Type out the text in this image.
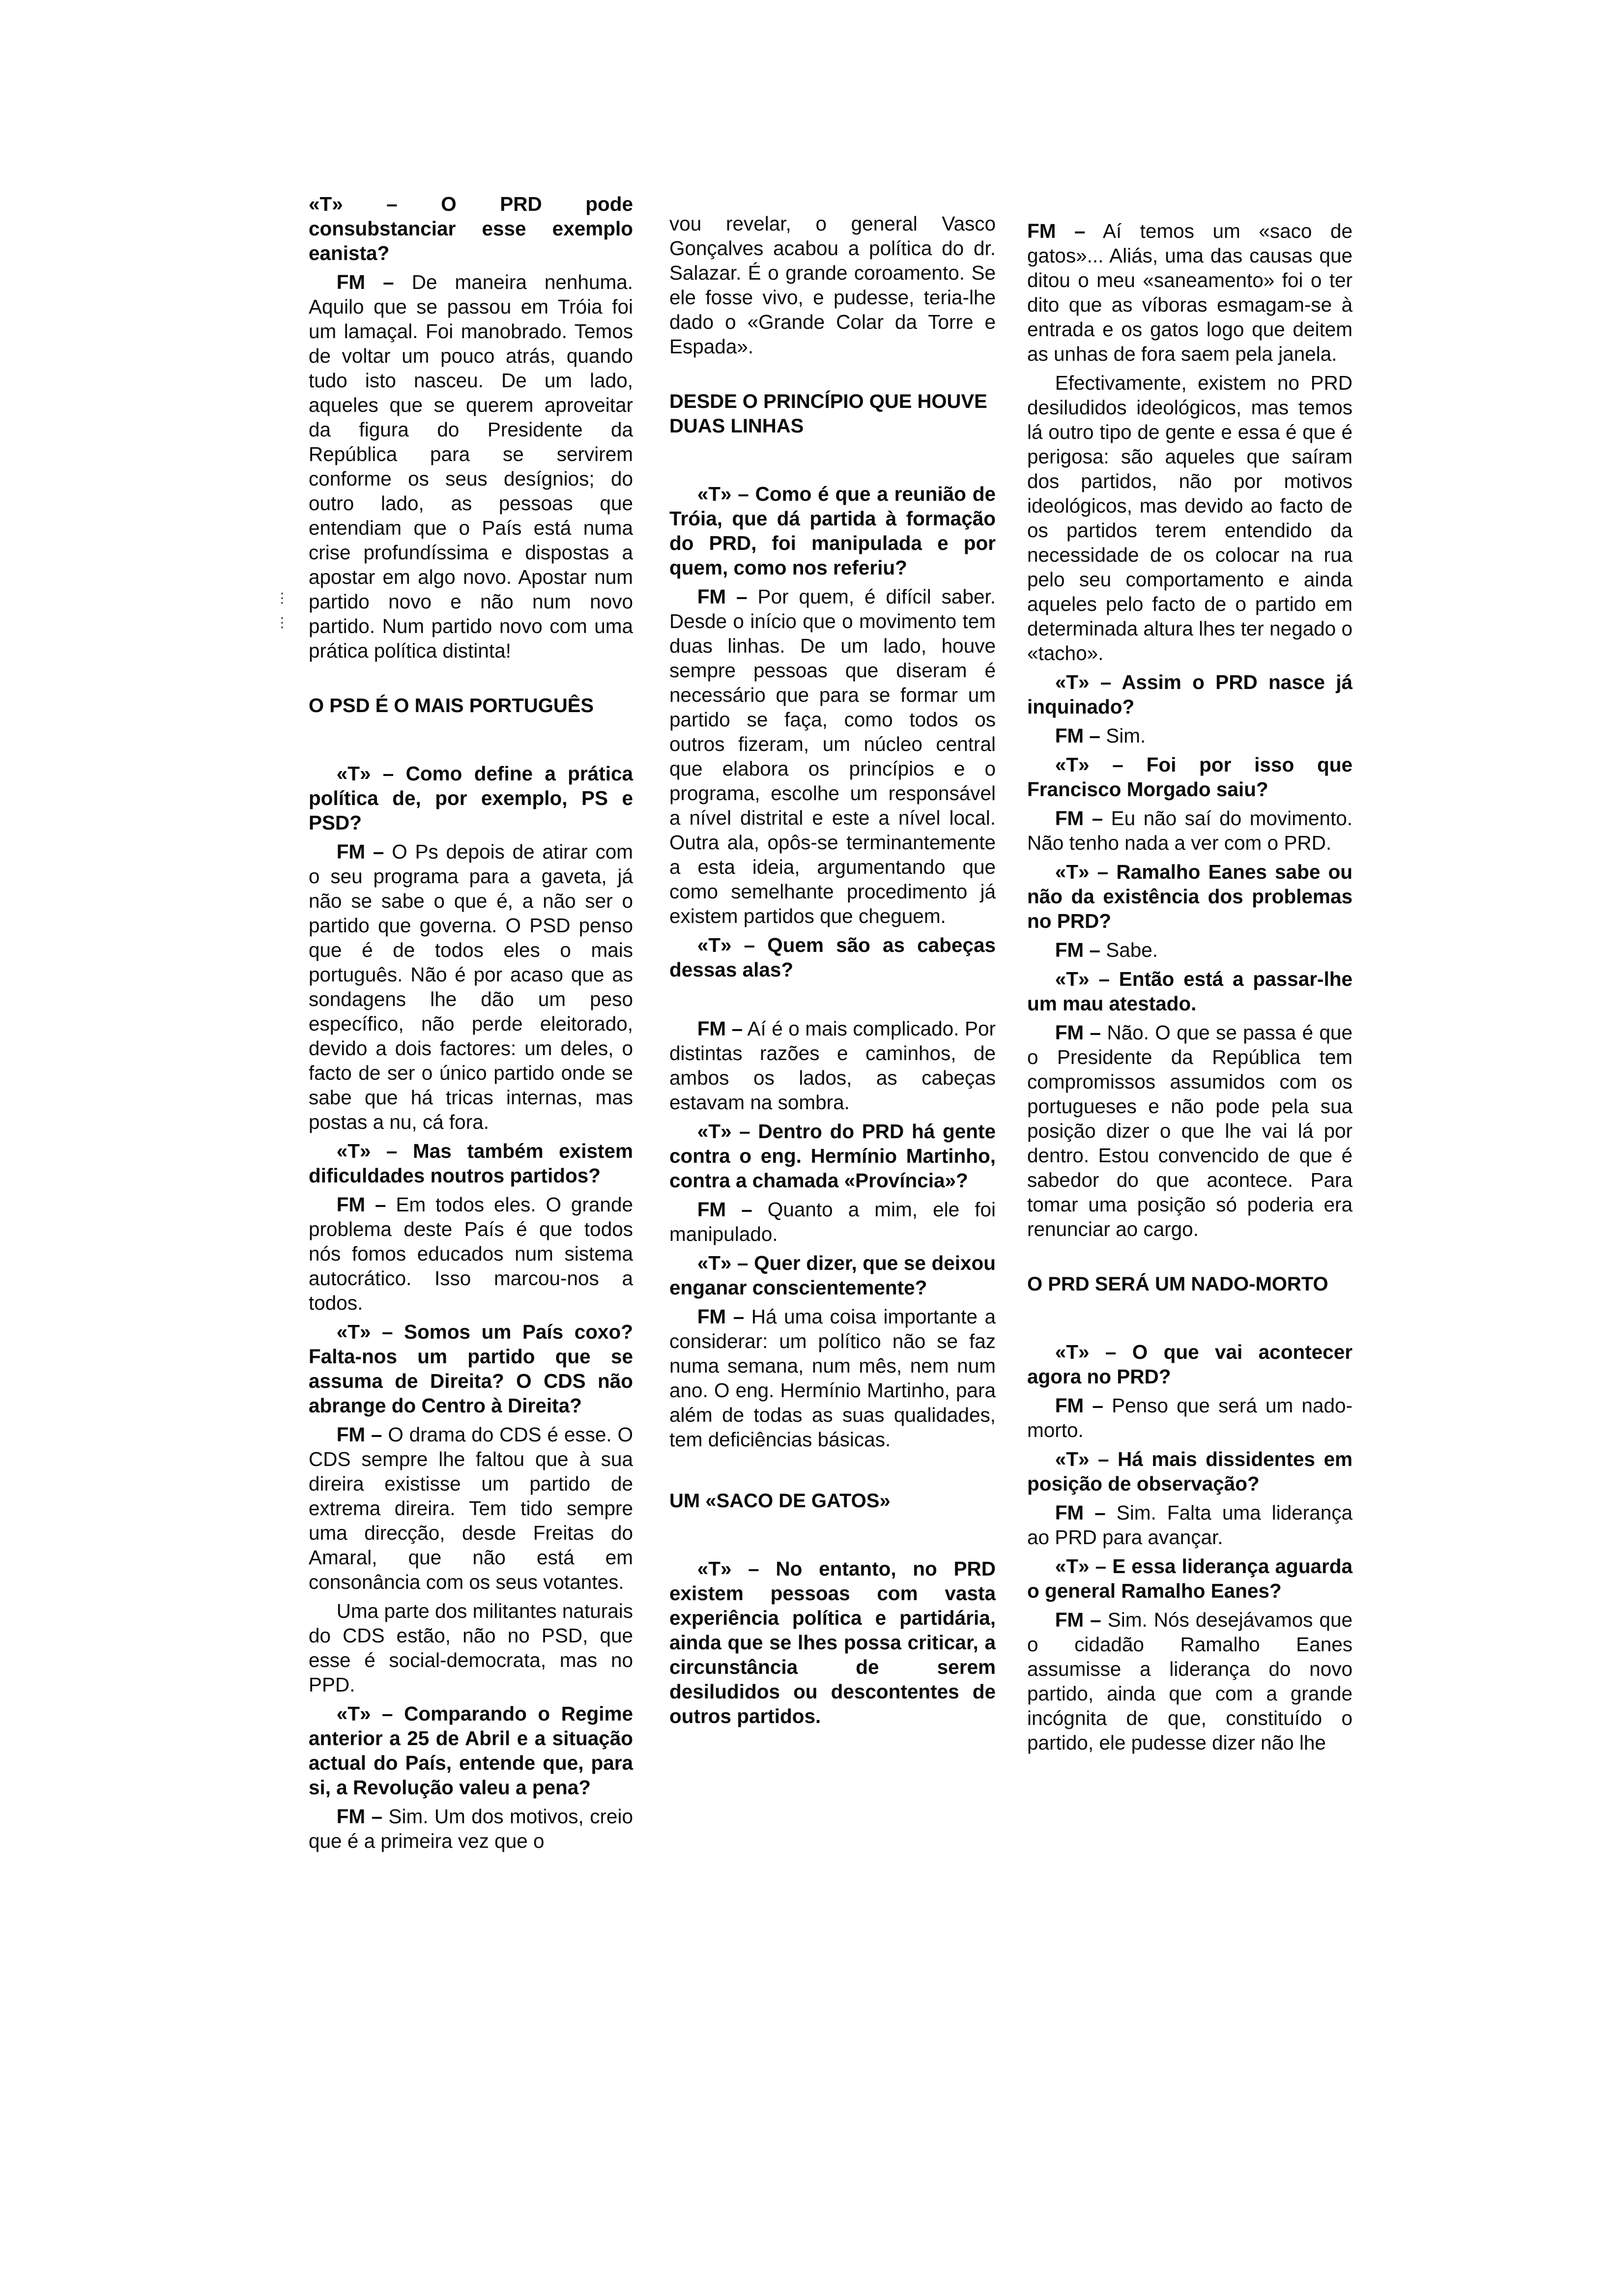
«T» – O PRD pode consubstanciar esse exemplo eanista?

FM – De maneira nenhuma. Aquilo que se passou em Tróia foi um lamaçal. Foi manobrado. Temos de voltar um pouco atrás, quando tudo isto nasceu. De um lado, aqueles que se querem aproveitar da figura do Presidente da República para se servirem conforme os seus desígnios; do outro lado, as pessoas que entendiam que o País está numa crise profundíssima e dispostas a apostar em algo novo. Apostar num partido novo e não num novo partido. Num partido novo com uma prática política distinta!

O PSD É O MAIS PORTUGUÊS

«T» – Como define a prática política de, por exemplo, PS e PSD?

FM – O Ps depois de atirar com o seu programa para a gaveta, já não se sabe o que é, a não ser o partido que governa. O PSD penso que é de todos eles o mais português. Não é por acaso que as sondagens lhe dão um peso específico, não perde eleitorado, devido a dois factores: um deles, o facto de ser o único partido onde se sabe que há tricas internas, mas postas a nu, cá fora.

«T» – Mas também existem dificuldades noutros partidos?

FM – Em todos eles. O grande problema deste País é que todos nós fomos educados num sistema autocrático. Isso marcou-nos a todos.

«T» – Somos um País coxo? Falta-nos um partido que se assuma de Direita? O CDS não abrange do Centro à Direita?

FM – O drama do CDS é esse. O CDS sempre lhe faltou que à sua direira existisse um partido de extrema direira. Tem tido sempre uma direcção, desde Freitas do Amaral, que não está em consonância com os seus votantes.

Uma parte dos militantes naturais do CDS estão, não no PSD, que esse é social-democrata, mas no PPD.

«T» – Comparando o Regime anterior a 25 de Abril e a situação actual do País, entende que, para si, a Revolução valeu a pena?

FM – Sim. Um dos motivos, creio que é a primeira vez que o

vou revelar, o general Vasco Gonçalves acabou a política do dr. Salazar. É o grande coroamento. Se ele fosse vivo, e pudesse, teria-lhe dado o «Grande Colar da Torre e Espada».

DESDE O PRINCÍPIO QUE HOUVE DUAS LINHAS

«T» – Como é que a reunião de Tróia, que dá partida à formação do PRD, foi manipulada e por quem, como nos referiu?

FM – Por quem, é difícil saber. Desde o início que o movimento tem duas linhas. De um lado, houve sempre pessoas que diseram é necessário que para se formar um partido se faça, como todos os outros fizeram, um núcleo central que elabora os princípios e o programa, escolhe um responsável a nível distrital e este a nível local. Outra ala, opôs-se terminantemente a esta ideia, argumentando que como semelhante procedimento já existem partidos que cheguem.

«T» – Quem são as cabeças dessas alas?

FM – Aí é o mais complicado. Por distintas razões e caminhos, de ambos os lados, as cabeças estavam na sombra.

«T» – Dentro do PRD há gente contra o eng. Hermínio Martinho, contra a chamada «Província»?

FM – Quanto a mim, ele foi manipulado.

«T» – Quer dizer, que se deixou enganar conscientemente?

FM – Há uma coisa importante a considerar: um político não se faz numa semana, num mês, nem num ano. O eng. Hermínio Martinho, para além de todas as suas qualidades, tem deficiências básicas.

UM «SACO DE GATOS»

«T» – No entanto, no PRD existem pessoas com vasta experiência política e partidária, ainda que se lhes possa criticar, a circunstância de serem desiludidos ou descontentes de outros partidos.

FM – Aí temos um «saco de gatos»... Aliás, uma das causas que ditou o meu «saneamento» foi o ter dito que as víboras esmagam-se à entrada e os gatos logo que deitem as unhas de fora saem pela janela.

Efectivamente, existem no PRD desiludidos ideológicos, mas temos lá outro tipo de gente e essa é que é perigosa: são aqueles que saíram dos partidos, não por motivos ideológicos, mas devido ao facto de os partidos terem entendido da necessidade de os colocar na rua pelo seu comportamento e ainda aqueles pelo facto de o partido em determinada altura lhes ter negado o «tacho».

«T» – Assim o PRD nasce já inquinado?

FM – Sim.

«T» – Foi por isso que Francisco Morgado saiu?

FM – Eu não saí do movimento. Não tenho nada a ver com o PRD.

«T» – Ramalho Eanes sabe ou não da existência dos problemas no PRD?

FM – Sabe.

«T» – Então está a passar-lhe um mau atestado.

FM – Não. O que se passa é que o Presidente da República tem compromissos assumidos com os portugueses e não pode pela sua posição dizer o que lhe vai lá por dentro. Estou convencido de que é sabedor do que acontece. Para tomar uma posição só poderia era renunciar ao cargo.

O PRD SERÁ UM NADO-MORTO

«T» – O que vai acontecer agora no PRD?

FM – Penso que será um nado-morto.

«T» – Há mais dissidentes em posição de observação?

FM – Sim. Falta uma liderança ao PRD para avançar.

«T» – E essa liderança aguarda o general Ramalho Eanes?

FM – Sim. Nós desejávamos que o cidadão Ramalho Eanes assumisse a liderança do novo partido, ainda que com a grande incógnita de que, constituído o partido, ele pudesse dizer não lhe

⋮
⋮
